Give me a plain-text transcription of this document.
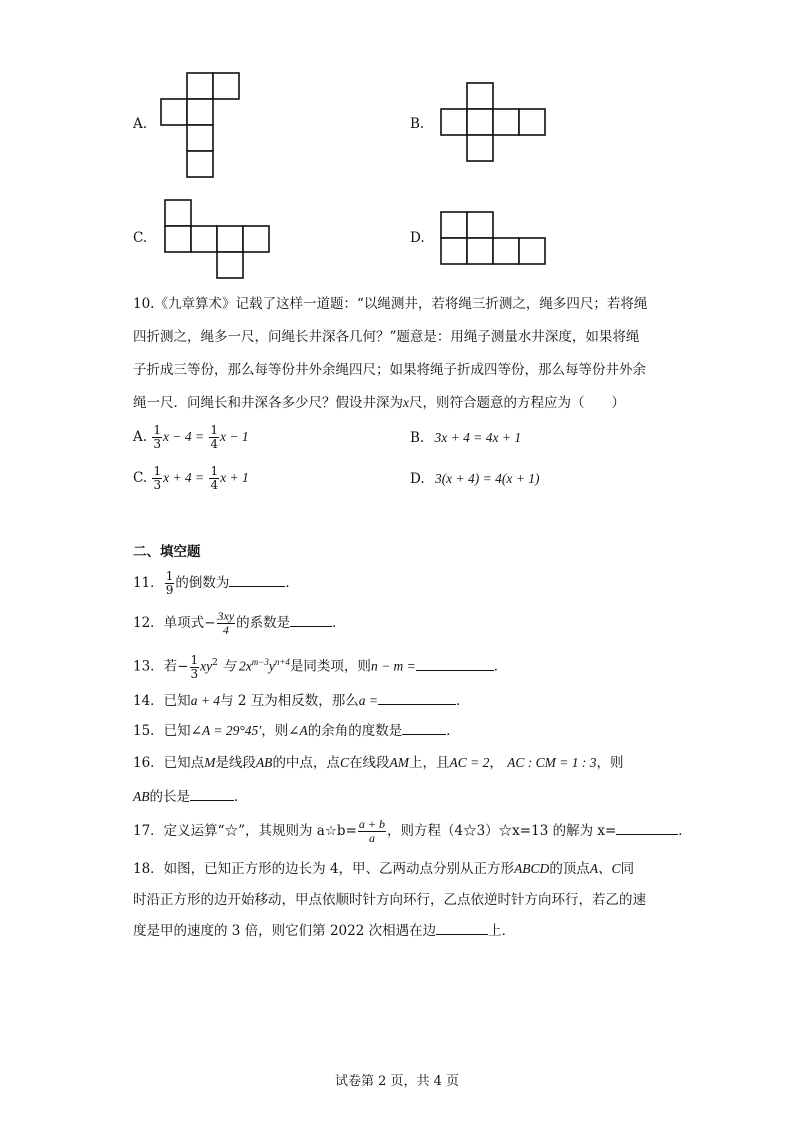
A.	B.
C.	D.
10.《九章算术》记载了这样一道题：“以绳测井，若将绳三折测之，绳多四尺；若将绳
四折测之，绳多一尺，问绳长井深各几何？”题意是：用绳子测量水井深度，如果将绳
子折成三等份，那么每等份井外余绳四尺；如果将绳子折成四等份，那么每等份井外余
绳一尺．问绳长和井深各多少尺？假设井深为x尺，则符合题意的方程应为（　　）
A. $\frac{1}{3}$ $x - 4 = \frac{1}{4}$ x − 1	B. 3x + 4 = 4x + 1
C. $\frac{1}{3}$ $x + 4 = \frac{1}{4}$ x + 1	D. 3(x + 4) = 4(x + 1)
二、填空题
11． $\frac{1}{9}$ 的倒数为	．
12．单项式− $\frac{3xy}{4}$ 的系数是	．
13．若− $\frac{1}{3} xy^2$ 与 $2x^{m-3}y^{n+4}$是同类项，则n − m =	．
14．已知a + 4与 2 互为相反数，那么a =	．
15．已知∠A = 29°45′，则∠A的余角的度数是	．
16．已知点M是线段AB的中点，点C在线段AM上，且AC = 2， AC : CM = 1 : 3，则
AB的长是	．
17．定义运算“☆”，其规则为 a☆b= $\frac{a + b}{a}$ ，则方程（4☆3）☆x=13 的解为 x=	．
18．如图，已知正方形的边长为 4，甲、乙两动点分别从正方形ABCD的顶点A、C同
时沿正方形的边开始移动，甲点依顺时针方向环行，乙点依逆时针方向环行，若乙的速
度是甲的速度的 3 倍，则它们第 2022 次相遇在边	上．
试卷第 2 页，共 4 页
